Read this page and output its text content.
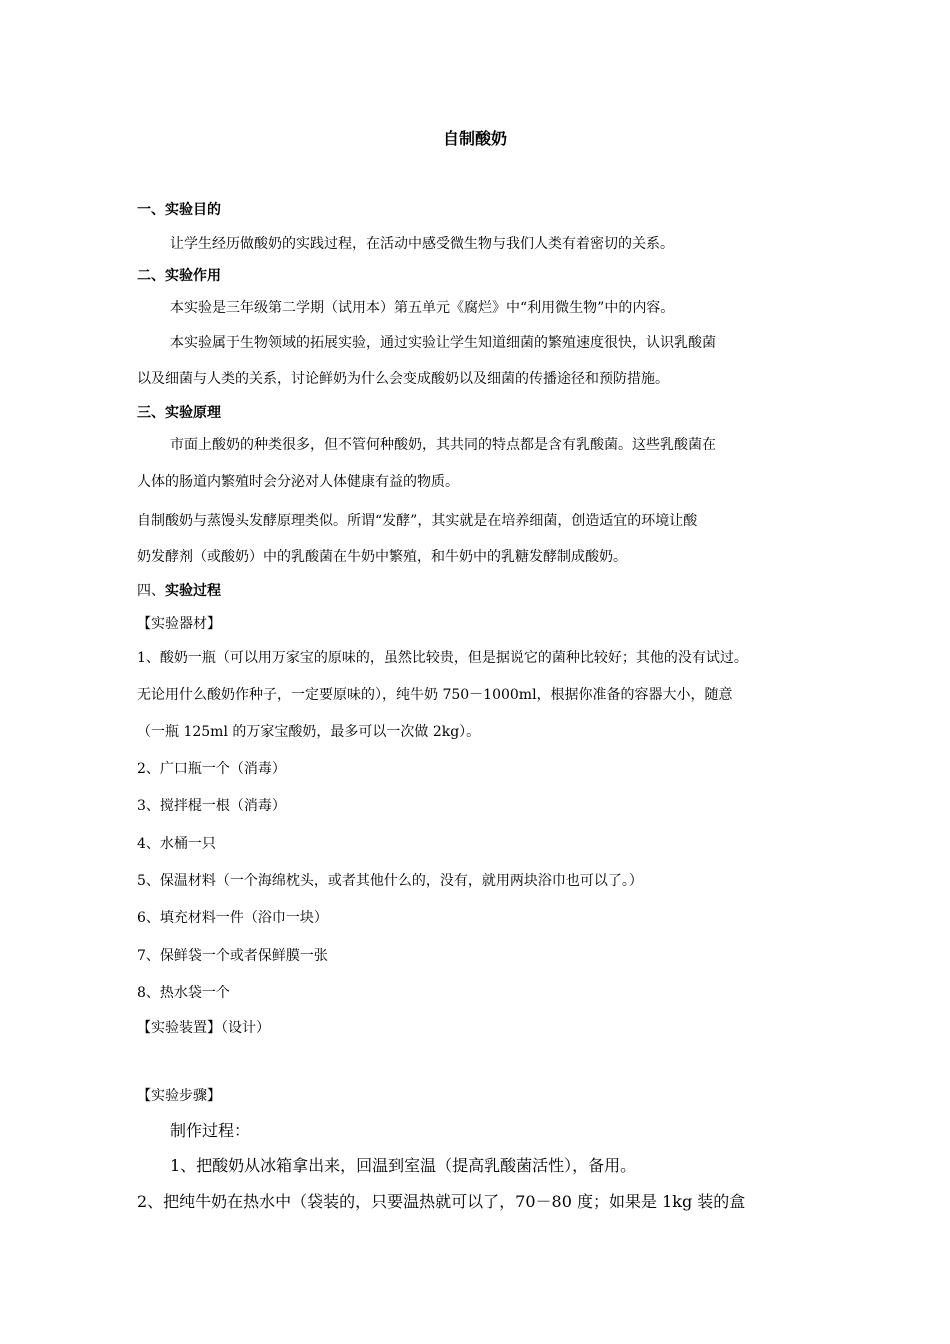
自制酸奶
一、实验目的
让学生经历做酸奶的实践过程，在活动中感受微生物与我们人类有着密切的关系。
二、实验作用
本实验是三年级第二学期（试用本）第五单元《腐烂》中“利用微生物”中的内容。
本实验属于生物领域的拓展实验，通过实验让学生知道细菌的繁殖速度很快，认识乳酸菌
以及细菌与人类的关系，讨论鲜奶为什么会变成酸奶以及细菌的传播途径和预防措施。
三、实验原理
市面上酸奶的种类很多，但不管何种酸奶，其共同的特点都是含有乳酸菌。这些乳酸菌在
人体的肠道内繁殖时会分泌对人体健康有益的物质。
自制酸奶与蒸馒头发酵原理类似。所谓“发酵”，其实就是在培养细菌，创造适宜的环境让酸
奶发酵剂（或酸奶）中的乳酸菌在牛奶中繁殖，和牛奶中的乳糖发酵制成酸奶。
四、实验过程
【实验器材】
1、酸奶一瓶（可以用万家宝的原味的，虽然比较贵，但是据说它的菌种比较好；其他的没有试过。
无论用什么酸奶作种子，一定要原味的），纯牛奶 750－1000ml，根据你准备的容器大小，随意
（一瓶 125ml 的万家宝酸奶，最多可以一次做 2kg）。
2、广口瓶一个（消毒）
3、搅拌棍一根（消毒）
4、水桶一只
5、保温材料（一个海绵枕头，或者其他什么的，没有，就用两块浴巾也可以了。）
6、填充材料一件（浴巾一块）
7、保鲜袋一个或者保鲜膜一张
8、热水袋一个
【实验装置】（设计）
【实验步骤】
制作过程：
1、把酸奶从冰箱拿出来，回温到室温（提高乳酸菌活性），备用。
2、把纯牛奶在热水中（袋装的，只要温热就可以了，70－80 度；如果是 1kg 装的盒
